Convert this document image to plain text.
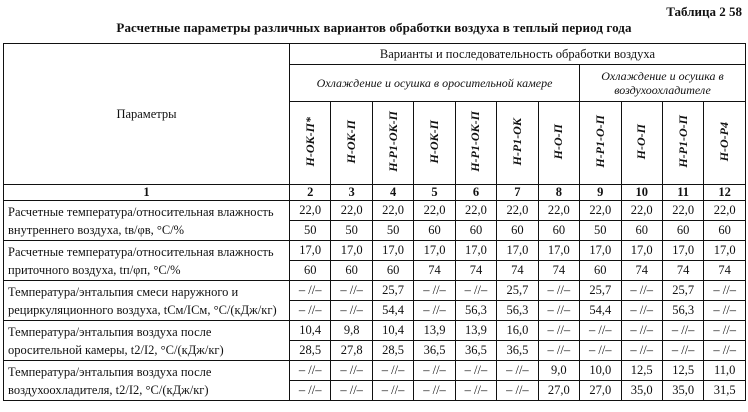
Таблица 2 58
Расчетные параметры различных вариантов обработки воздуха в теплый период года
Параметры	Варианты и последовательность обработки воздуха										
	Охлаждение и осушка в оросительной камере							Охлаждение и осушка в воздухоохладителе			
	Н-ОК-П*	Н-ОК-П	Н-Р1-ОК-П	Н-ОК-П	Н-Р1-ОК-П	Н-Р1-ОК	Н-О-П	Н-Р1-О-П	Н-О-П	Н-Р1-О-П	Н-О-Р4
1	2	3	4	5	6	7	8	9	10	11	12
Расчетные температура/относительная влажность внутреннего воздуха, tв/φв, °С/%	22,0	22,0	22,0	22,0	22,0	22,0	22,0	22,0	22,0	22,0	22,0
	50	50	50	60	60	60	60	50	60	60	60
Расчетные температура/относительная влажность приточного воздуха, tп/φп, °С/%	17,0	17,0	17,0	17,0	17,0	17,0	17,0	17,0	17,0	17,0	17,0
	60	60	60	74	74	74	74	60	74	74	74
Температура/энтальпия смеси наружного и рециркуляционного воздуха, tСм/IСм, °С/(кДж/кг)	– //–	– //–	25,7	– //–	– //–	25,7	– //–	25,7	– //–	25,7	– //–
	– //–	– //–	54,4	– //–	56,3	56,3	– //–	54,4	– //–	56,3	– //–
Температура/энтальпия воздуха после оросительной камеры, t2/I2, °С/(кДж/кг)	10,4	9,8	10,4	13,9	13,9	16,0	– //–	– //–	– //–	– //–	– //–
	28,5	27,8	28,5	36,5	36,5	36,5	– //–	– //–	– //–	– //–	– //–
Температура/энтальпия воздуха после воздухоохладителя, t2/I2, °С/(кДж/кг)	– //–	– //–	– //–	– //–	– //–	– //–	9,0	10,0	12,5	12,5	11,0
	– //–	– //–	– //–	– //–	– //–	– //–	27,0	27,0	35,0	35,0	31,5
